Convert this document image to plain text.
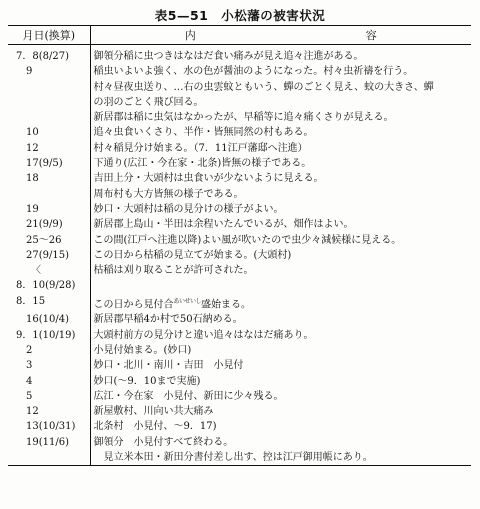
表5—51 小松藩の被害状況
月日(換算)	内 容

7．8(8/27)	御領分稲に虫つきはなはだ食い痛みが見え追々注進がある。
　9	稲虫いよいよ強く、水の色が醤油のようになった。村々虫祈禱を行う。
	村々昼夜虫送り、…右の虫雲蚊ともいう、蟬のごとく見え、蚊の大きさ、蟬
	の羽のごとく飛び回る。
	新居郡は稲に虫気はなかったが、早稲等に追々痛くさりが見える。
　10	追々虫食いくさり、半作・皆無同然の村もある。
　12	村々稲見分け始まる。（7．11江戸藩邸へ注進）
　17(9/5)	下通り(広江・今在家・北条)皆無の様子である。
　18	吉田上分・大頭村は虫食いが少ないように見える。
	周布村も大方皆無の様子である。
　19	妙口・大頭村は稲の見分けの様子がよい。
　21(9/9)	新居郡上島山・半田は余程いたんでいるが、畑作はよい。
　25〜26	この間(江戸へ注進以降)よい風が吹いたので虫少々減候様に見える。
　27(9/15)	この日から枯稲の見立てが始まる。(大頭村)
　　〈	枯稲は刈り取ることが許可された。
8．10(9/28)	
8．15	この日から見付合$^{あいせいし}$盛始まる。
　16(10/4)	新居郡早稲4か村で50石納める。
9．1(10/19)	大頭村前方の見分けと違い追々はなはだ痛あり。
　2	小見付始まる。(妙口)
　3	妙口・北川・南川・吉田　小見付
　4	妙口(〜9．10まで実施)
　5	広江・今在家　小見付、新田に少々残る。
　12	新屋敷村、川向い共大痛み
　13(10/31)	北条村　小見付、〜9．17)
　19(11/6)	御領分　小見付すべて終わる。
	　見立米本田・新田分書付差し出す、控は江戸御用帳にあり。
